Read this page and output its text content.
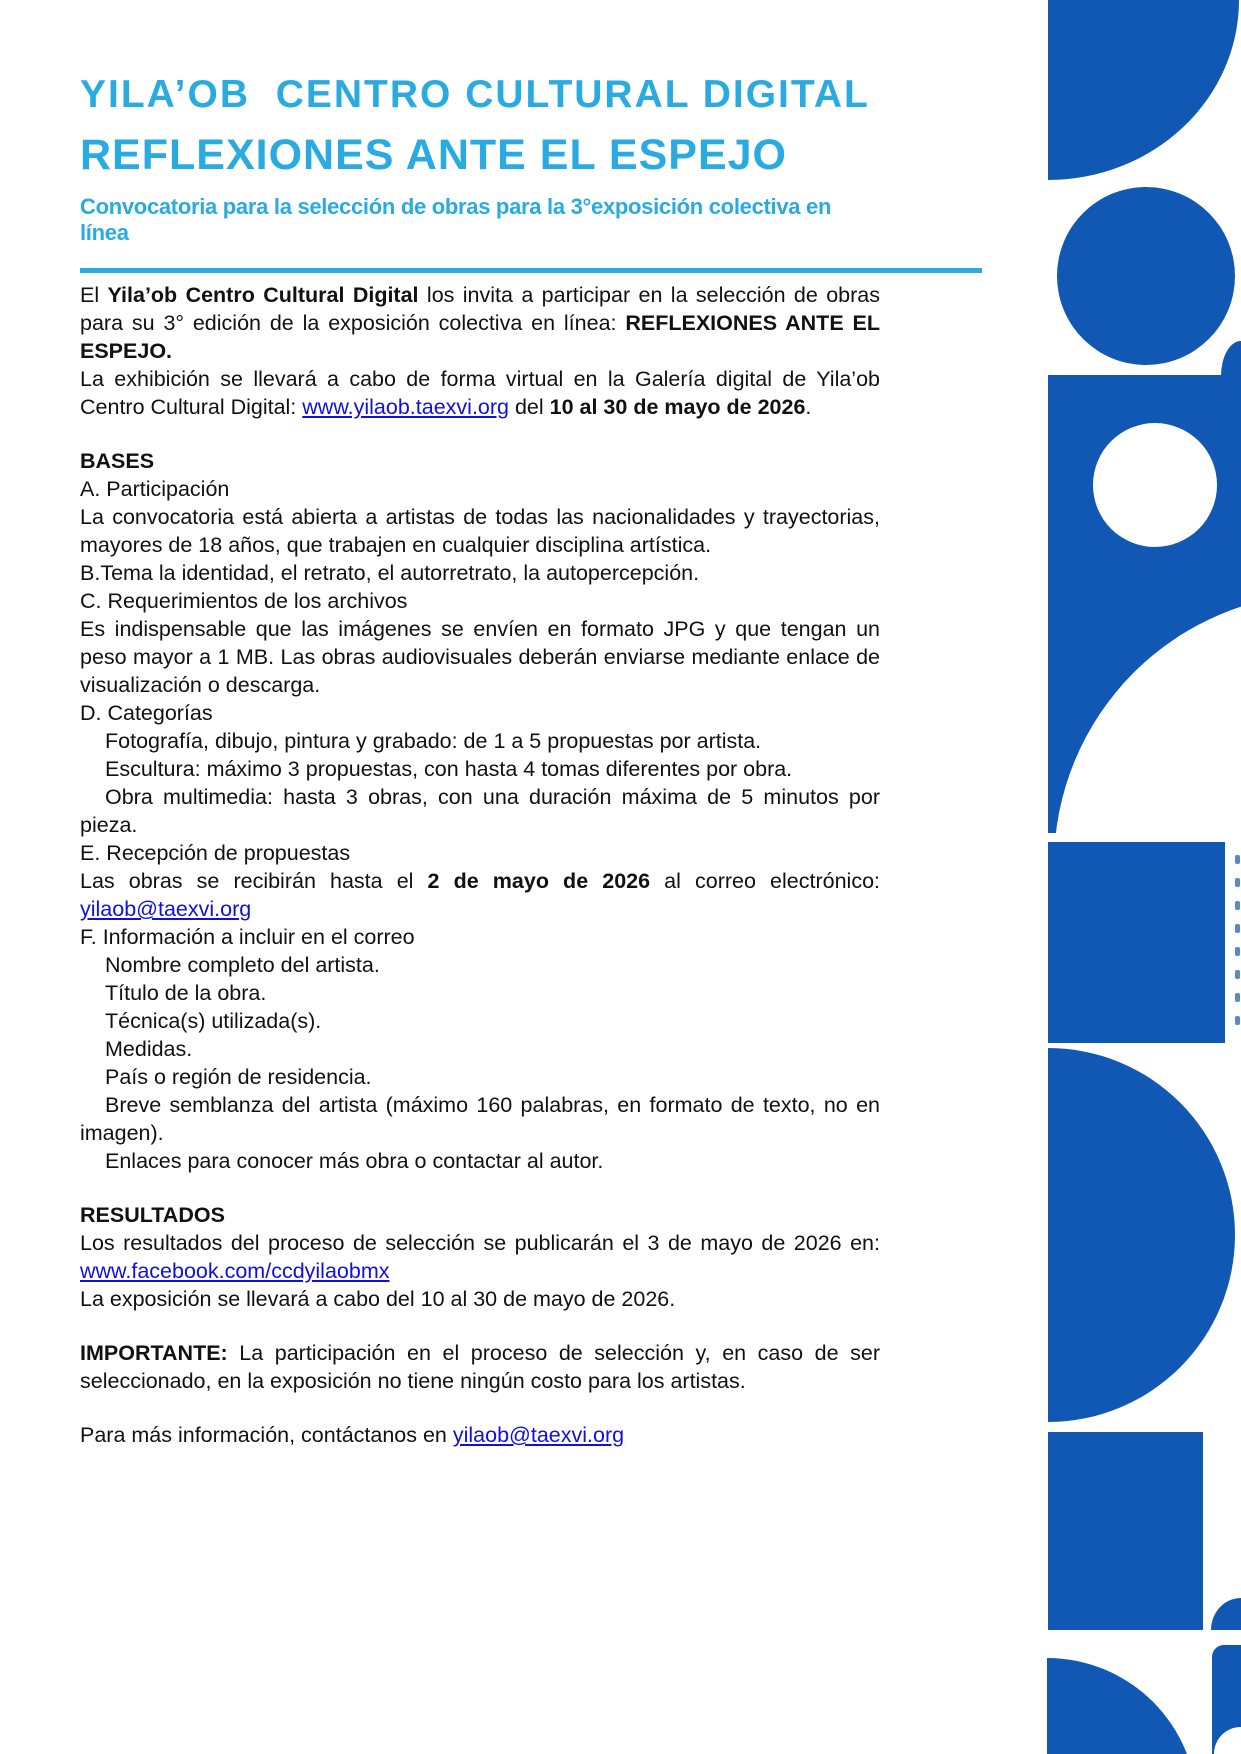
YILA’OB  CENTRO CULTURAL DIGITAL
REFLEXIONES ANTE EL ESPEJO
Convocatoria para la selección de obras para la 3°exposición colectiva en línea

El Yila’ob Centro Cultural Digital los invita a participar en la selección de obras para su 3° edición de la exposición colectiva en línea: REFLEXIONES ANTE EL ESPEJO.

La exhibición se llevará a cabo de forma virtual en la Galería digital de Yila’ob Centro Cultural Digital: www.yilaob.taexvi.org del 10 al 30 de mayo de 2026.

BASES

A. Participación

La convocatoria está abierta a artistas de todas las nacionalidades y trayectorias, mayores de 18 años, que trabajen en cualquier disciplina artística.

B.Tema la identidad, el retrato, el autorretrato, la autopercepción.

C. Requerimientos de los archivos

Es indispensable que las imágenes se envíen en formato JPG y que tengan un peso mayor a 1 MB. Las obras audiovisuales deberán enviarse mediante enlace de visualización o descarga.

D. Categorías

Fotografía, dibujo, pintura y grabado: de 1 a 5 propuestas por artista.

Escultura: máximo 3 propuestas, con hasta 4 tomas diferentes por obra.

Obra multimedia: hasta 3 obras, con una duración máxima de 5 minutos por pieza.

E. Recepción de propuestas

Las obras se recibirán hasta el 2 de mayo de 2026 al correo electrónico: yilaob@taexvi.org

F. Información a incluir en el correo

Nombre completo del artista.

Título de la obra.

Técnica(s) utilizada(s).

Medidas.

País o región de residencia.

Breve semblanza del artista (máximo 160 palabras, en formato de texto, no en imagen).

Enlaces para conocer más obra o contactar al autor.

RESULTADOS

Los resultados del proceso de selección se publicarán el 3 de mayo de 2026 en: www.facebook.com/ccdyilaobmx

La exposición se llevará a cabo del 10 al 30 de mayo de 2026.

IMPORTANTE: La participación en el proceso de selección y, en caso de ser seleccionado, en la exposición no tiene ningún costo para los artistas.

Para más información, contáctanos en yilaob@taexvi.org
